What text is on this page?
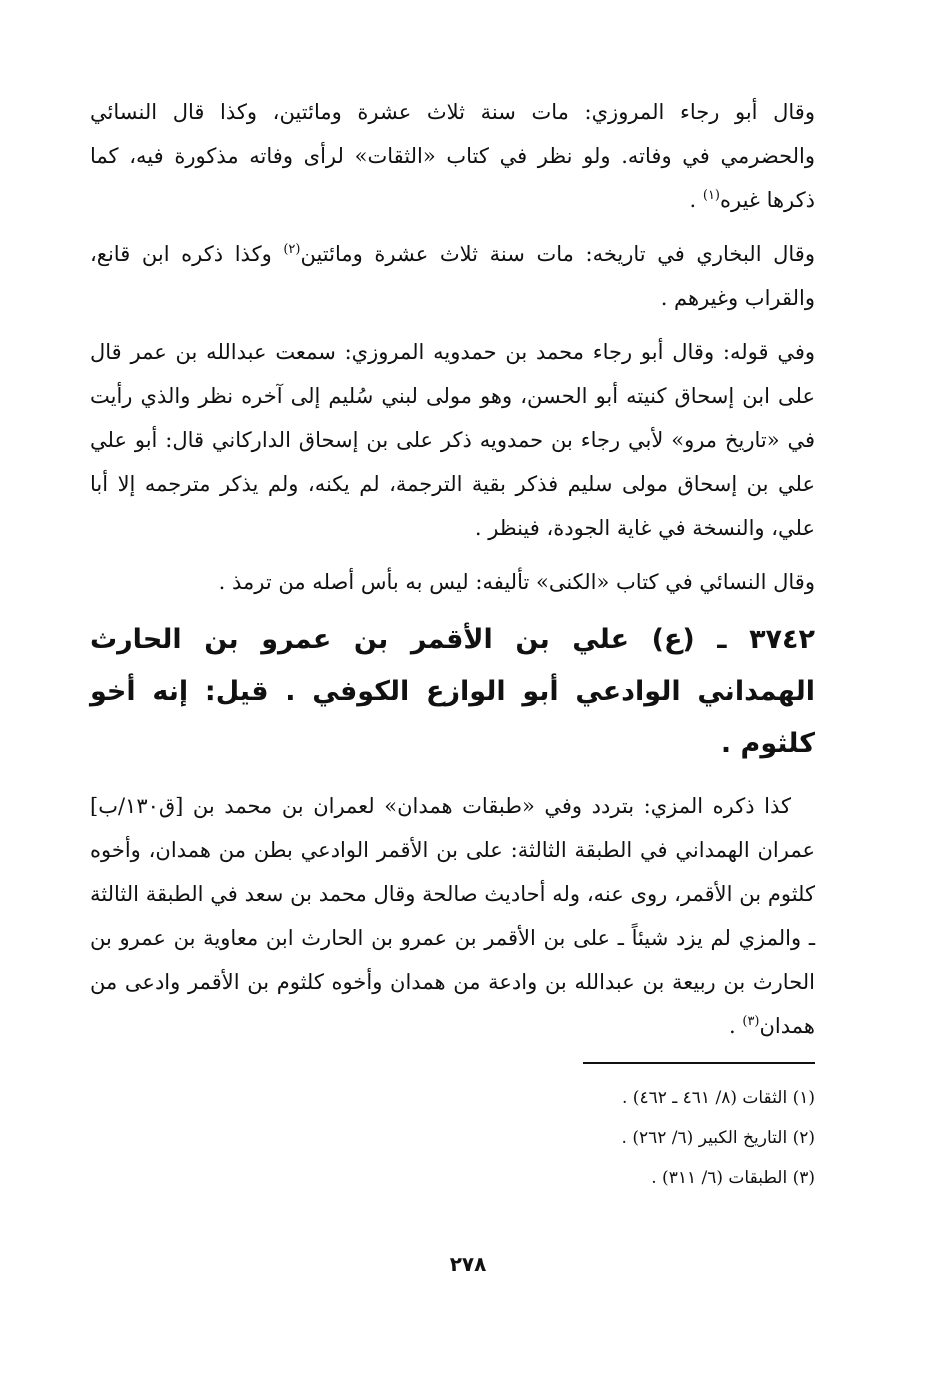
وقال أبو رجاء المروزي: مات سنة ثلاث عشرة ومائتين، وكذا قال النسائي والحضرمي في وفاته. ولو نظر في كتاب «الثقات» لرأى وفاته مذكورة فيه، كما ذكرها غيره$^{(١)}$ .

وقال البخاري في تاريخه: مات سنة ثلاث عشرة ومائتين$^{(٢)}$ وكذا ذكره ابن قانع، والقراب وغيرهم .

وفي قوله: وقال أبو رجاء محمد بن حمدويه المروزي: سمعت عبدالله بن عمر قال على ابن إسحاق كنيته أبو الحسن، وهو مولى لبني سُليم إلى آخره نظر والذي رأيت في «تاريخ مرو» لأبي رجاء بن حمدويه ذكر على بن إسحاق الداركاني قال: أبو علي علي بن إسحاق مولى سليم فذكر بقية الترجمة، لم يكنه، ولم يذكر مترجمه إلا أبا علي، والنسخة في غاية الجودة، فينظر .

وقال النسائي في كتاب «الكنى» تأليفه: ليس به بأس أصله من ترمذ .

٣٧٤٢ ـ (ع) علي بن الأقمر بن عمرو بن الحارث الهمداني الوادعي أبو الوازع الكوفي . قيل: إنه أخو كلثوم .

كذا ذكره المزي: بتردد وفي «طبقات همدان» لعمران بن محمد بن [ق١٣٠/ب] عمران الهمداني في الطبقة الثالثة: على بن الأقمر الوادعي بطن من همدان، وأخوه كلثوم بن الأقمر، روى عنه، وله أحاديث صالحة وقال محمد بن سعد في الطبقة الثالثة ـ والمزي لم يزد شيئاً ـ على بن الأقمر بن عمرو بن الحارث ابن معاوية بن عمرو بن الحارث بن ربيعة بن عبدالله بن وادعة من همدان وأخوه كلثوم بن الأقمر وادعى من همدان$^{(٣)}$ .

(١) الثقات (٨/ ٤٦١ ـ ٤٦٢) .
(٢) التاريخ الكبير (٦/ ٢٦٢) .
(٣) الطبقات (٦/ ٣١١) .
٢٧٨
